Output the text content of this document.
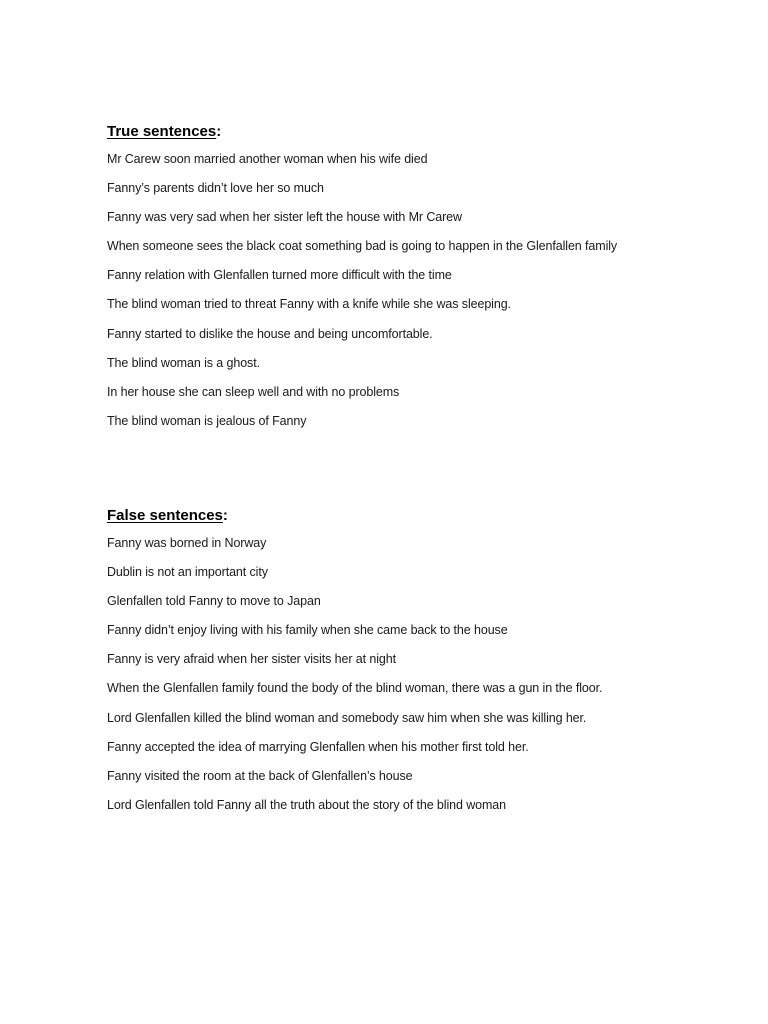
True sentences:
Mr Carew soon married another woman when his wife died
Fanny’s parents didn’t love her so much
Fanny was very sad when her sister left the house with Mr Carew
When someone sees the black coat something bad is going to happen in the Glenfallen family
Fanny relation with Glenfallen turned more difficult with the time
The blind woman tried to threat Fanny with a knife while she was sleeping.
Fanny started to dislike the house and being uncomfortable.
The blind woman is a ghost.
In her house she can sleep well and with no problems
The blind woman is jealous of Fanny
False sentences:
Fanny was borned in Norway
Dublin is not an important city
Glenfallen told Fanny to move to Japan
Fanny didn’t enjoy living with his family when she came back to the house
Fanny is very afraid when her sister visits her at night
When the Glenfallen family found the body of the blind woman, there was a gun in the floor.
Lord Glenfallen killed the blind woman and somebody saw him when she was killing her.
Fanny accepted the idea of marrying Glenfallen when his mother first told her.
Fanny visited the room at the back of Glenfallen’s house
Lord Glenfallen told Fanny all the truth about the story of the blind woman
